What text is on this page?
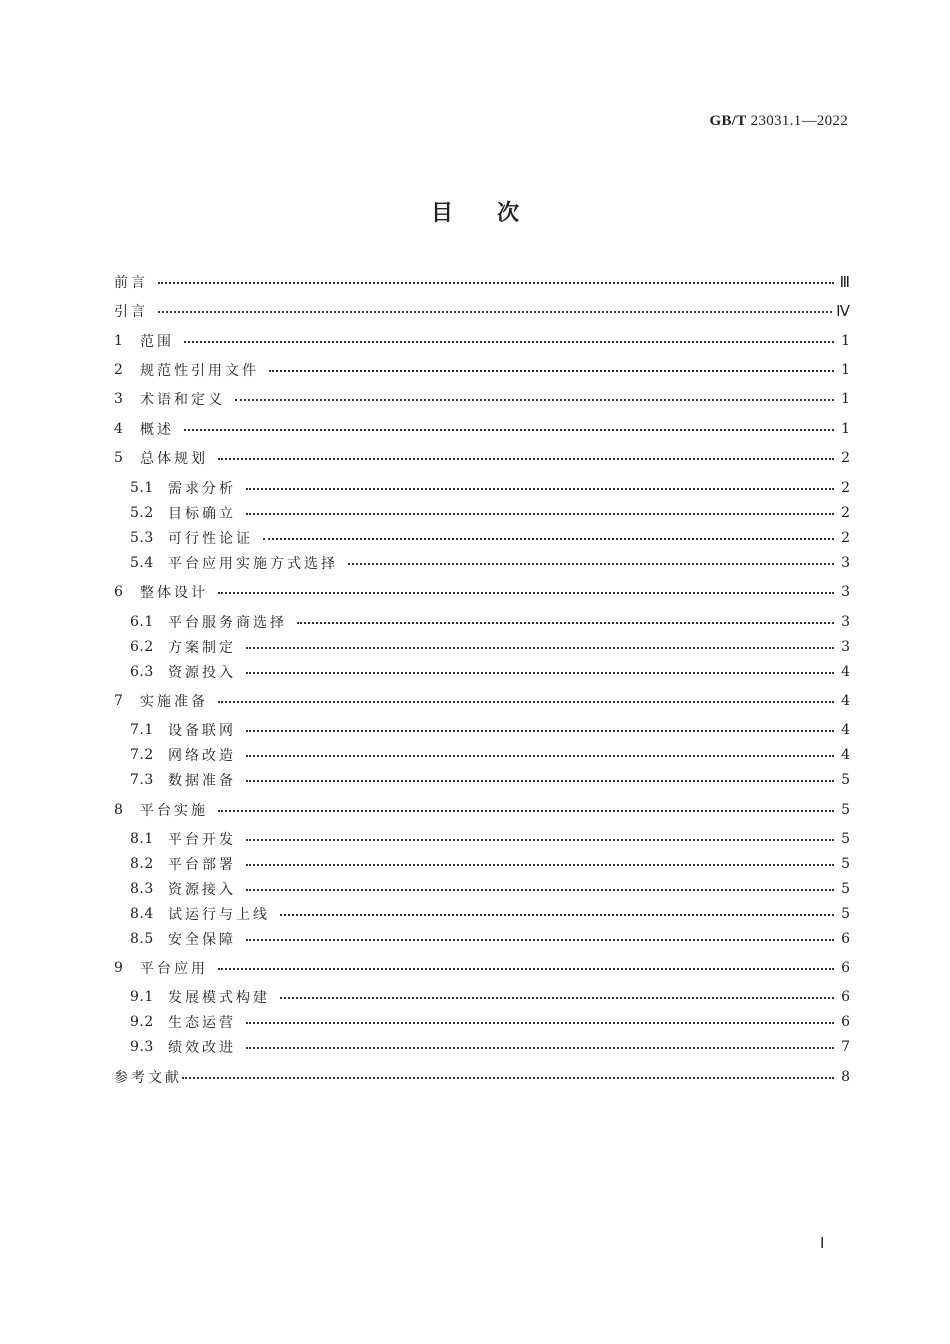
GB/T 23031.1—2022
目次
前言	Ⅲ
引言	Ⅳ
1	范围	1
2	规范性引用文件	1
3	术语和定义	1
4	概述	1
5	总体规划	2
5.1	需求分析	2
5.2	目标确立	2
5.3	可行性论证	2
5.4	平台应用实施方式选择	3
6	整体设计	3
6.1	平台服务商选择	3
6.2	方案制定	3
6.3	资源投入	4
7	实施准备	4
7.1	设备联网	4
7.2	网络改造	4
7.3	数据准备	5
8	平台实施	5
8.1	平台开发	5
8.2	平台部署	5
8.3	资源接入	5
8.4	试运行与上线	5
8.5	安全保障	6
9	平台应用	6
9.1	发展模式构建	6
9.2	生态运营	6
9.3	绩效改进	7
参考文献	8
Ⅰ
